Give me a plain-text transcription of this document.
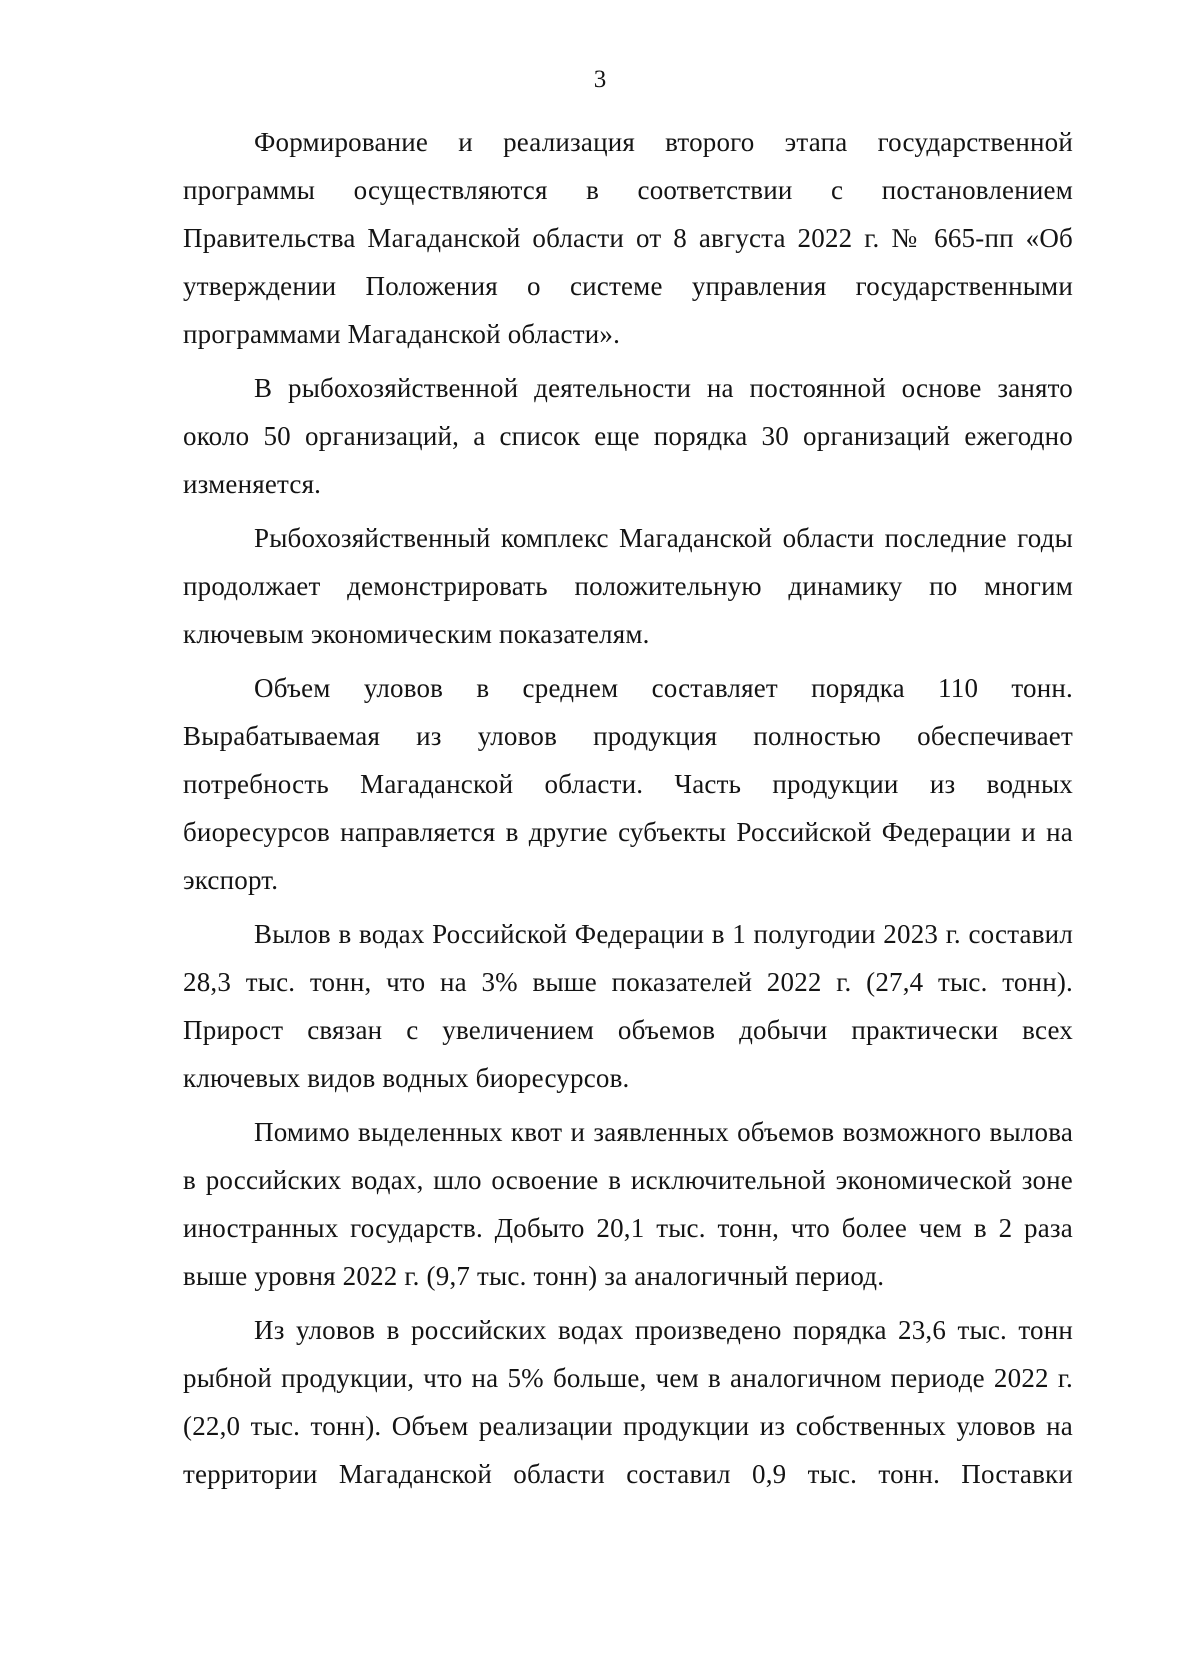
3

Формирование и реализация второго этапа государственной программы осуществляются в соответствии с постановлением Правительства Магаданской области от 8 августа 2022 г. № 665-пп «Об утверждении Положения о системе управления государственными программами Магаданской области».

В рыбохозяйственной деятельности на постоянной основе занято около 50 организаций, а список еще порядка 30 организаций ежегодно изменяется.

Рыбохозяйственный комплекс Магаданской области последние годы продолжает демонстрировать положительную динамику по многим ключевым экономическим показателям.

Объем уловов в среднем составляет порядка 110 тонн. Вырабатываемая из уловов продукция полностью обеспечивает потребность Магаданской области. Часть продукции из водных биоресурсов направляется в другие субъекты Российской Федерации и на экспорт.

Вылов в водах Российской Федерации в 1 полугодии 2023 г. составил 28,3 тыс. тонн, что на 3% выше показателей 2022 г. (27,4 тыс. тонн). Прирост связан с увеличением объемов добычи практически всех ключевых видов водных биоресурсов.

Помимо выделенных квот и заявленных объемов возможного вылова в российских водах, шло освоение в исключительной экономической зоне иностранных государств. Добыто 20,1 тыс. тонн, что более чем в 2 раза выше уровня 2022 г. (9,7 тыс. тонн) за аналогичный период.

Из уловов в российских водах произведено порядка 23,6 тыс. тонн рыбной продукции, что на 5% больше, чем в аналогичном периоде 2022 г. (22,0 тыс. тонн). Объем реализации продукции из собственных уловов на территории Магаданской области составил 0,9 тыс. тонн. Поставки
